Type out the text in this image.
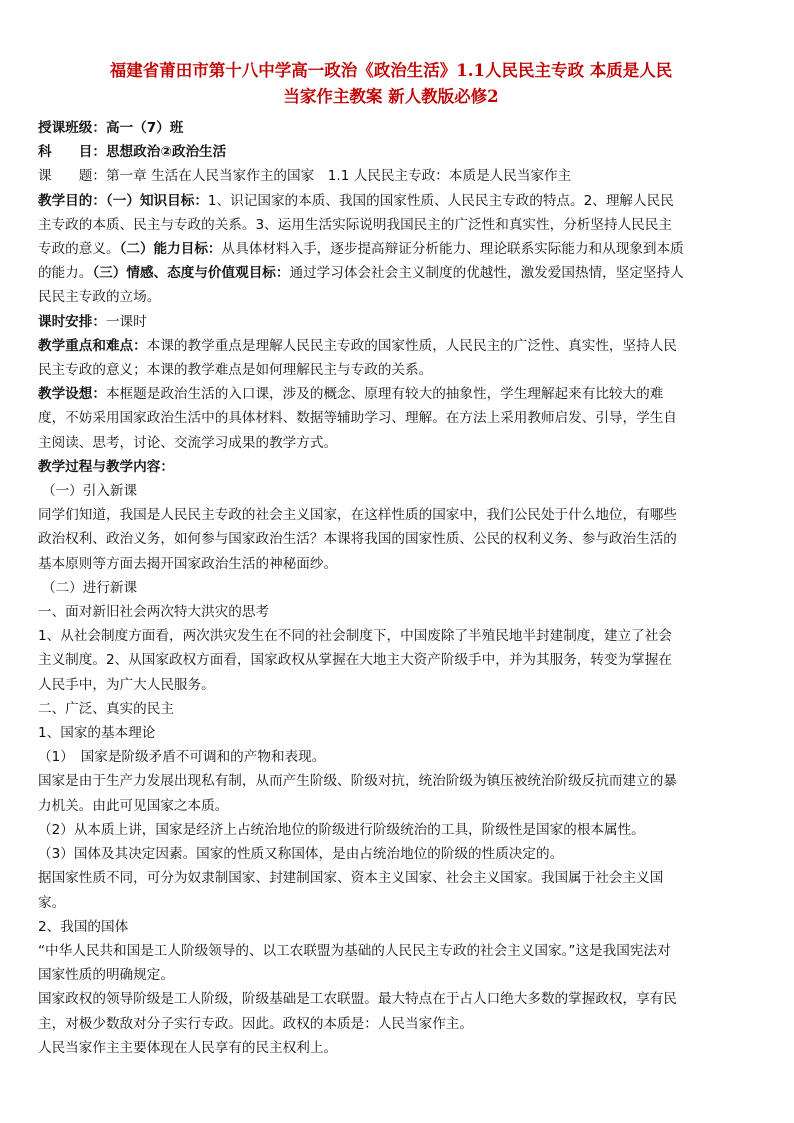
福建省莆田市第十八中学高一政治《政治生活》1.1人民民主专政 本质是人民
当家作主教案 新人教版必修2

授课班级：高一（7）班

科　　目：思想政治②政治生活

课　　题：第一章 生活在人民当家作主的国家　1.1 人民民主专政：本质是人民当家作主

教学目的：（一）知识目标：1、识记国家的本质、我国的国家性质、人民民主专政的特点。2、理解人民民主专政的本质、民主与专政的关系。3、运用生活实际说明我国民主的广泛性和真实性，分析坚持人民民主专政的意义。（二）能力目标：从具体材料入手，逐步提高辩证分析能力、理论联系实际能力和从现象到本质的能力。（三）情感、态度与价值观目标：通过学习体会社会主义制度的优越性，激发爱国热情，坚定坚持人民民主专政的立场。

课时安排：一课时

教学重点和难点：本课的教学重点是理解人民民主专政的国家性质，人民民主的广泛性、真实性，坚持人民民主专政的意义；本课的教学难点是如何理解民主与专政的关系。

教学设想：本框题是政治生活的入口课，涉及的概念、原理有较大的抽象性，学生理解起来有比较大的难度，不妨采用国家政治生活中的具体材料、数据等辅助学习、理解。在方法上采用教师启发、引导，学生自主阅读、思考，讨论、交流学习成果的教学方式。

教学过程与教学内容：

（一）引入新课

同学们知道，我国是人民民主专政的社会主义国家，在这样性质的国家中，我们公民处于什么地位，有哪些政治权利、政治义务，如何参与国家政治生活？本课将我国的国家性质、公民的权利义务、参与政治生活的基本原则等方面去揭开国家政治生活的神秘面纱。

（二）进行新课

一、面对新旧社会两次特大洪灾的思考

1、从社会制度方面看，两次洪灾发生在不同的社会制度下，中国废除了半殖民地半封建制度，建立了社会主义制度。2、从国家政权方面看，国家政权从掌握在大地主大资产阶级手中，并为其服务，转变为掌握在人民手中，为广大人民服务。

二、广泛、真实的民主

1、国家的基本理论

（1）　国家是阶级矛盾不可调和的产物和表现。

国家是由于生产力发展出现私有制，从而产生阶级、阶级对抗，统治阶级为镇压被统治阶级反抗而建立的暴力机关。由此可见国家之本质。

（2）从本质上讲，国家是经济上占统治地位的阶级进行阶级统治的工具，阶级性是国家的根本属性。

（3）国体及其决定因素。国家的性质又称国体，是由占统治地位的阶级的性质决定的。

据国家性质不同，可分为奴隶制国家、封建制国家、资本主义国家、社会主义国家。我国属于社会主义国家。

2、我国的国体

“中华人民共和国是工人阶级领导的、以工农联盟为基础的人民民主专政的社会主义国家。”这是我国宪法对国家性质的明确规定。

国家政权的领导阶级是工人阶级，阶级基础是工农联盟。最大特点在于占人口绝大多数的掌握政权，享有民主，对极少数敌对分子实行专政。因此。政权的本质是：人民当家作主。

人民当家作主主要体现在人民享有的民主权利上。
